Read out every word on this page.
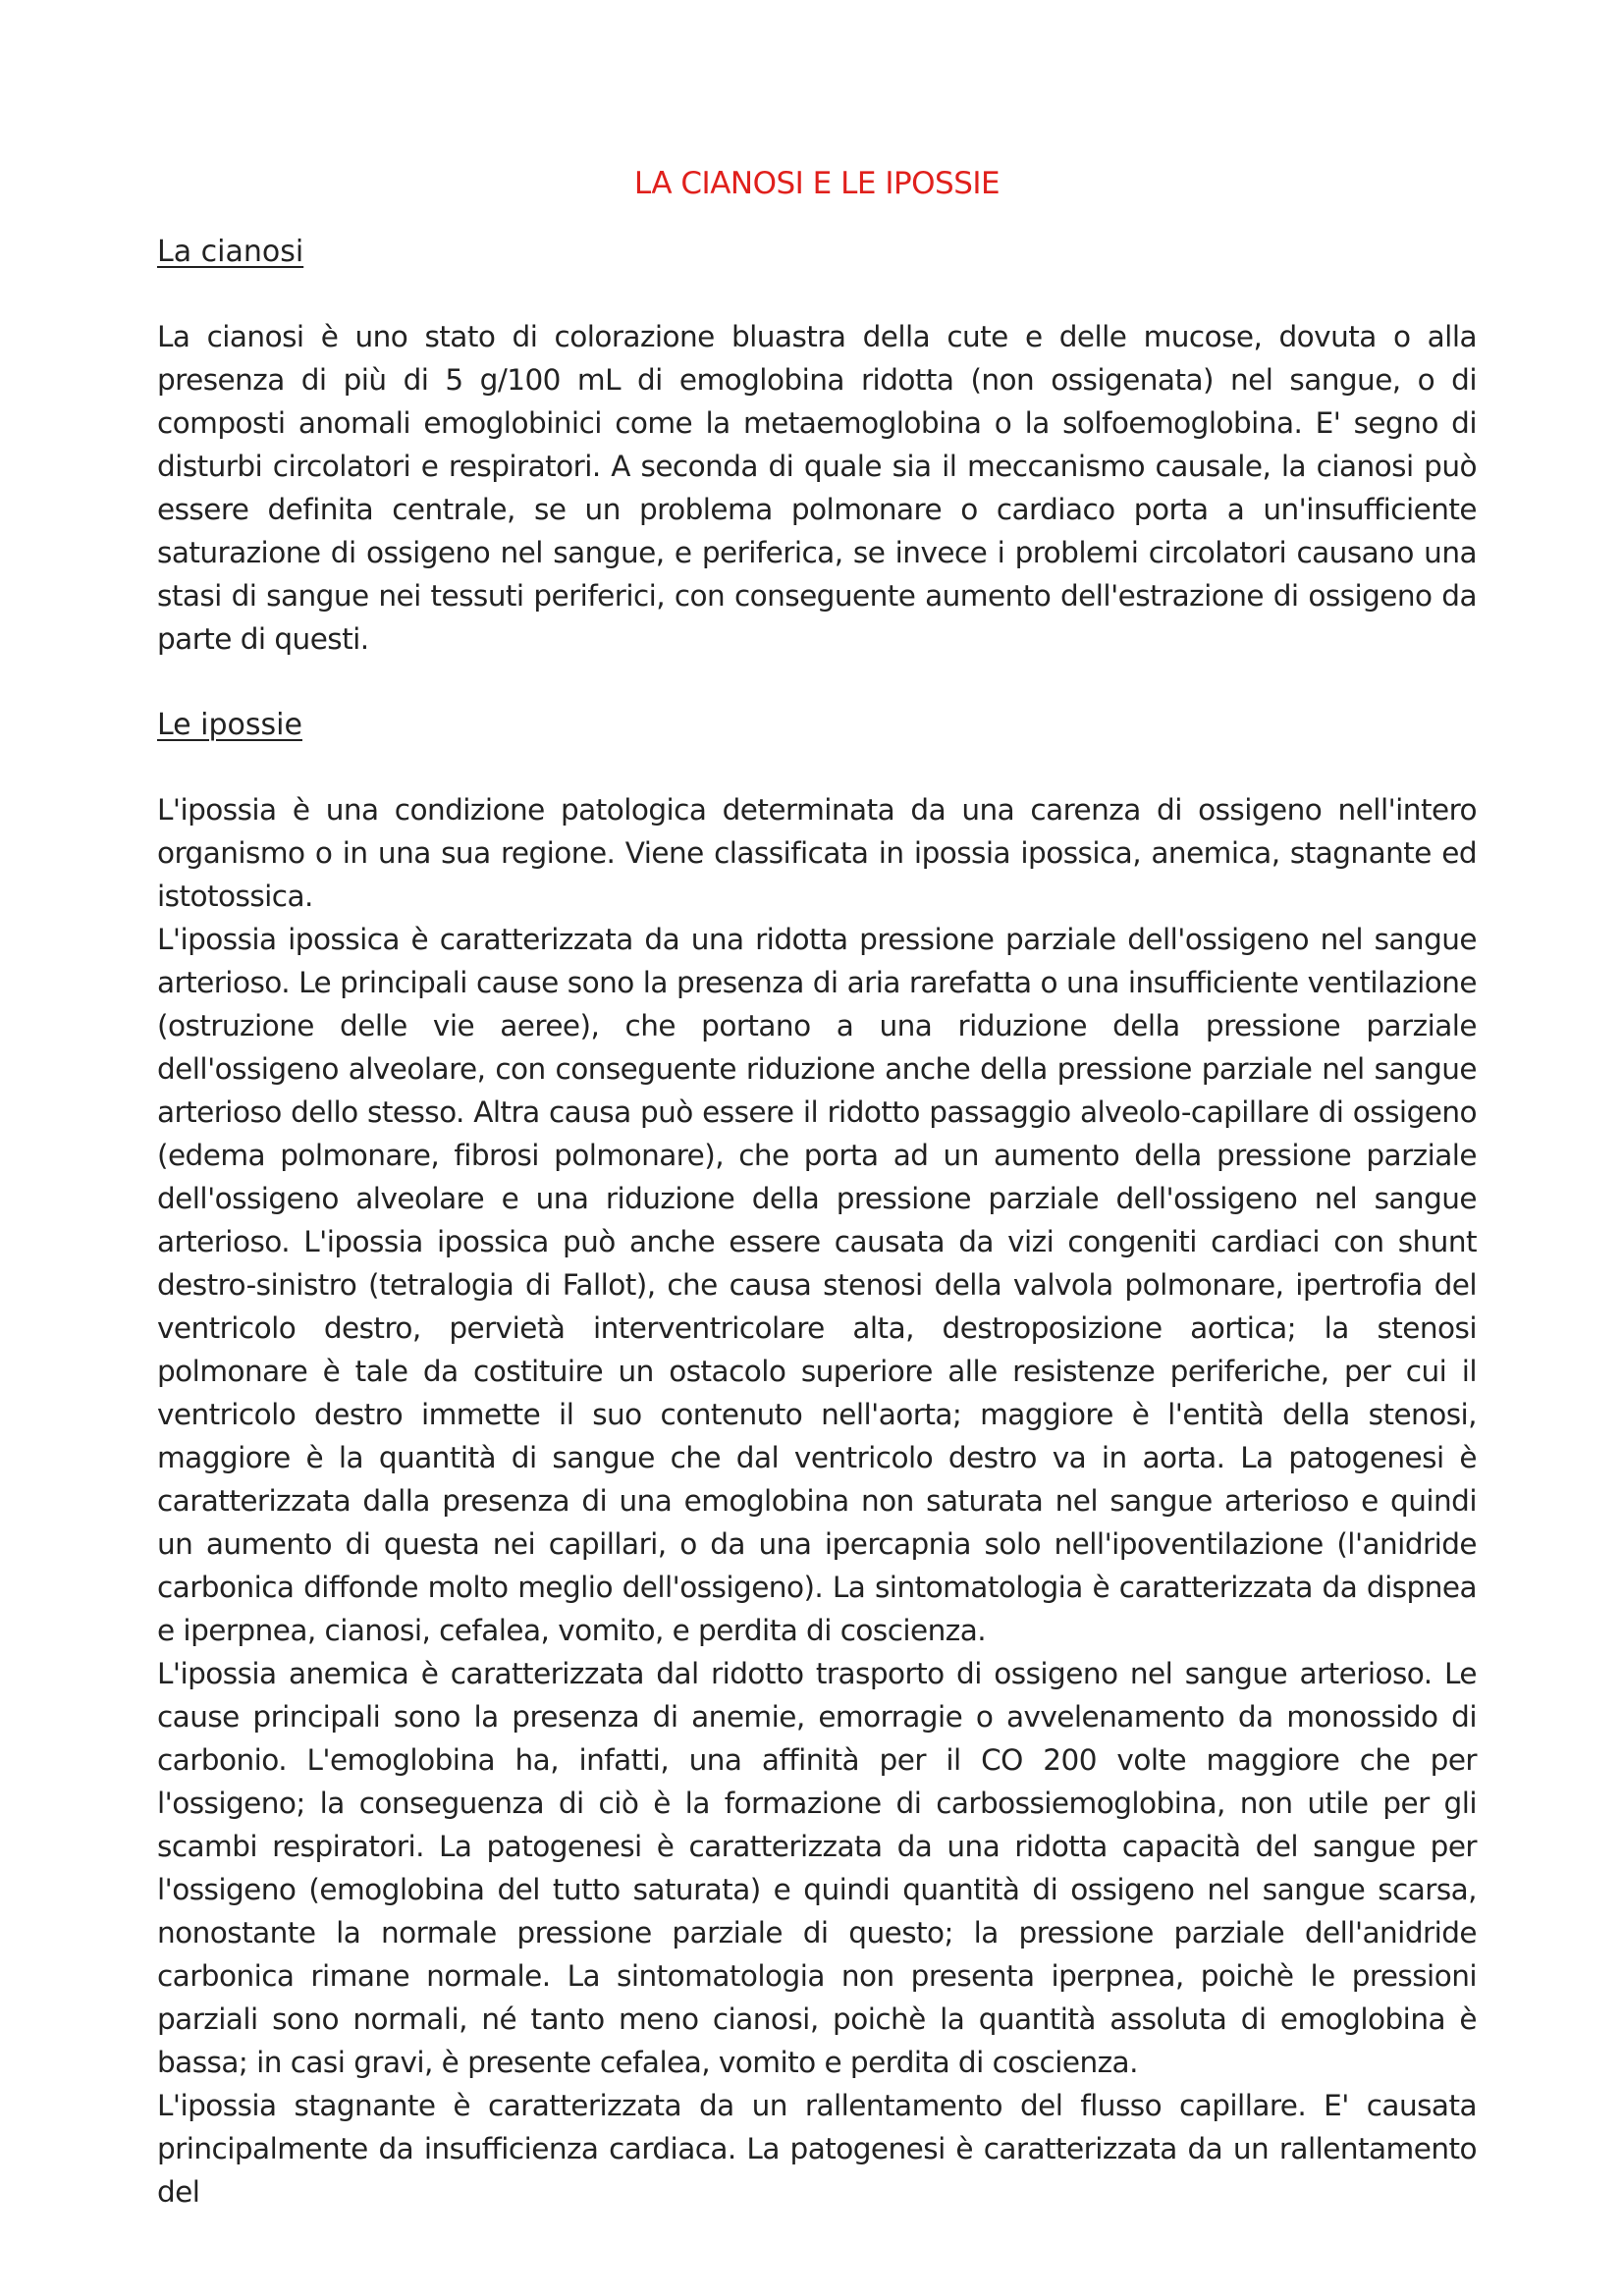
LA CIANOSI E LE IPOSSIE
La cianosi

La cianosi è uno stato di colorazione bluastra della cute e delle mucose, dovuta o alla presenza di più di 5 g/100 mL di emoglobina ridotta (non ossigenata) nel sangue, o di composti anomali emoglobinici come la metaemoglobina o la solfoemoglobina. E' segno di disturbi circolatori e respiratori. A seconda di quale sia il meccanismo causale, la cianosi può essere definita centrale, se un problema polmonare o cardiaco porta a un'insufficiente saturazione di ossigeno nel sangue, e periferica, se invece i problemi circolatori causano una stasi di sangue nei tessuti periferici, con conseguente aumento dell'estrazione di ossigeno da parte di questi.

Le ipossie

L'ipossia è una condizione patologica determinata da una carenza di ossigeno nell'intero organismo o in una sua regione. Viene classificata in ipossia ipossica, anemica, stagnante ed istotossica.

L'ipossia ipossica è caratterizzata da una ridotta pressione parziale dell'ossigeno nel sangue arterioso. Le principali cause sono la presenza di aria rarefatta o una insufficiente ventilazione (ostruzione delle vie aeree), che portano a una riduzione della pressione parziale dell'ossigeno alveolare, con conseguente riduzione anche della pressione parziale nel sangue arterioso dello stesso. Altra causa può essere il ridotto passaggio alveolo-capillare di ossigeno (edema polmonare, fibrosi polmonare), che porta ad un aumento della pressione parziale dell'ossigeno alveolare e una riduzione della pressione parziale dell'ossigeno nel sangue arterioso. L'ipossia ipossica può anche essere causata da vizi congeniti cardiaci con shunt destro-sinistro (tetralogia di Fallot), che causa stenosi della valvola polmonare, ipertrofia del ventricolo destro, pervietà interventricolare alta, destroposizione aortica; la stenosi polmonare è tale da costituire un ostacolo superiore alle resistenze periferiche, per cui il ventricolo destro immette il suo contenuto nell'aorta; maggiore è l'entità della stenosi, maggiore è la quantità di sangue che dal ventricolo destro va in aorta. La patogenesi è caratterizzata dalla presenza di una emoglobina non saturata nel sangue arterioso e quindi un aumento di questa nei capillari, o da una ipercapnia solo nell'ipoventilazione (l'anidride carbonica diffonde molto meglio dell'ossigeno). La sintomatologia è caratterizzata da dispnea e iperpnea, cianosi, cefalea, vomito, e perdita di coscienza.

L'ipossia anemica è caratterizzata dal ridotto trasporto di ossigeno nel sangue arterioso. Le cause principali sono la presenza di anemie, emorragie o avvelenamento da monossido di carbonio. L'emoglobina ha, infatti, una affinità per il CO 200 volte maggiore che per l'ossigeno; la conseguenza di ciò è la formazione di carbossiemoglobina, non utile per gli scambi respiratori. La patogenesi è caratterizzata da una ridotta capacità del sangue per l'ossigeno (emoglobina del tutto saturata) e quindi quantità di ossigeno nel sangue scarsa, nonostante la normale pressione parziale di questo; la pressione parziale dell'anidride carbonica rimane normale. La sintomatologia non presenta iperpnea, poichè le pressioni parziali sono normali, né tanto meno cianosi, poichè la quantità assoluta di emoglobina è bassa; in casi gravi, è presente cefalea, vomito e perdita di coscienza.

L'ipossia stagnante è caratterizzata da un rallentamento del flusso capillare. E' causata principalmente da insufficienza cardiaca. La patogenesi è caratterizzata da un rallentamento del
